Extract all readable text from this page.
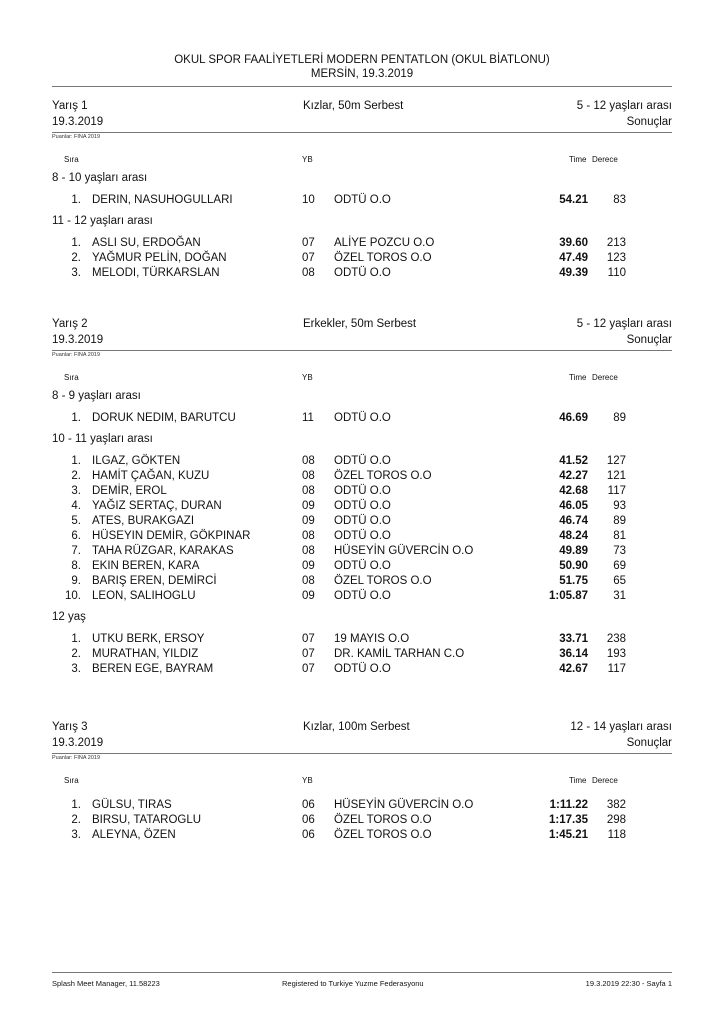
OKUL SPOR FAALİYETLERİ MODERN PENTATLON (OKUL BİATLONU)
MERSİN, 19.3.2019
Yarış 1
19.3.2019
Kızlar, 50m Serbest	5 - 12 yaşları arası
Sonuçlar
Puanlar: FINA 2019
Sıra	YB	Time Derece
8 - 10 yaşları arası
1. DERIN, NASUHOGULLARI	10 ODTÜ O.O	54.21	83
11 - 12 yaşları arası
1. ASLI SU, ERDOĞAN	07 ALİYE POZCU O.O	39.60	213
2. YAĞMUR PELİN, DOĞAN	07 ÖZEL TOROS O.O	47.49	123
3. MELODI, TÜRKARSLAN	08 ODTÜ O.O	49.39	110
Yarış 2
19.3.2019
Erkekler, 50m Serbest	5 - 12 yaşları arası
Sonuçlar
Puanlar: FINA 2019
Sıra	YB	Time Derece
8 - 9 yaşları arası
1. DORUK NEDIM, BARUTCU	11 ODTÜ O.O	46.69	89
10 - 11 yaşları arası
1. ILGAZ, GÖKTEN	08 ODTÜ O.O	41.52	127
2. HAMİT ÇAĞAN, KUZU	08 ÖZEL TOROS O.O	42.27	121
3. DEMİR, EROL	08 ODTÜ O.O	42.68	117
4. YAĞIZ SERTAÇ, DURAN	09 ODTÜ O.O	46.05	93
5. ATES, BURAKGAZI	09 ODTÜ O.O	46.74	89
6. HÜSEYIN DEMİR, GÖKPINAR	08 ODTÜ O.O	48.24	81
7. TAHA RÜZGAR, KARAKAS	08 HÜSEYİN GÜVERCİN O.O	49.89	73
8. EKIN BEREN, KARA	09 ODTÜ O.O	50.90	69
9. BARIŞ EREN, DEMİRCİ	08 ÖZEL TOROS O.O	51.75	65
10. LEON, SALIHOGLU	09 ODTÜ O.O	1:05.87	31
12 yaş
1. UTKU BERK, ERSOY	07 19 MAYIS O.O	33.71	238
2. MURATHAN, YILDIZ	07 DR. KAMİL TARHAN C.O	36.14	193
3. BEREN EGE, BAYRAM	07 ODTÜ O.O	42.67	117
Yarış 3
19.3.2019
Kızlar, 100m Serbest	12 - 14 yaşları arası
Sonuçlar
Puanlar: FINA 2019
Sıra	YB	Time Derece
1. GÜLSU, TIRAS	06 HÜSEYİN GÜVERCİN O.O	1:11.22	382
2. BIRSU, TATAROGLU	06 ÖZEL TOROS O.O	1:17.35	298
3. ALEYNA, ÖZEN	06 ÖZEL TOROS O.O	1:45.21	118
Splash Meet Manager, 11.58223	Registered to Turkiye Yuzme Federasyonu	19.3.2019 22:30 - Sayfa 1
